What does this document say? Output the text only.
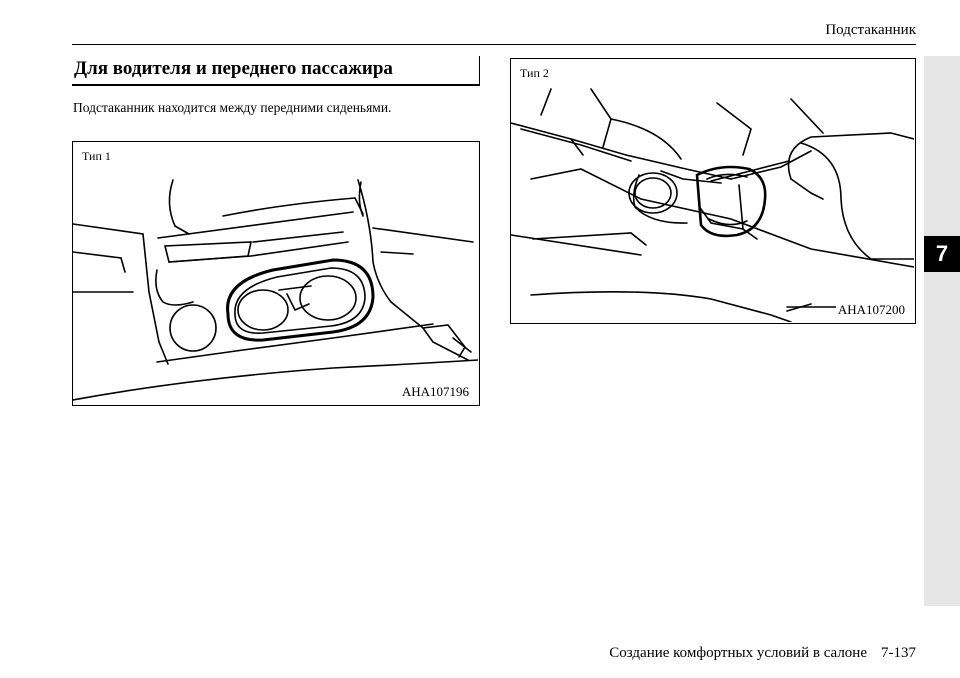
Подстаканник
7
Для водителя и переднего пассажира
Подстаканник находится между передними сиденьями.
Тип 1
AHA107196
Тип 2
AHA107200
Создание комфортных условий в салоне 7-137
